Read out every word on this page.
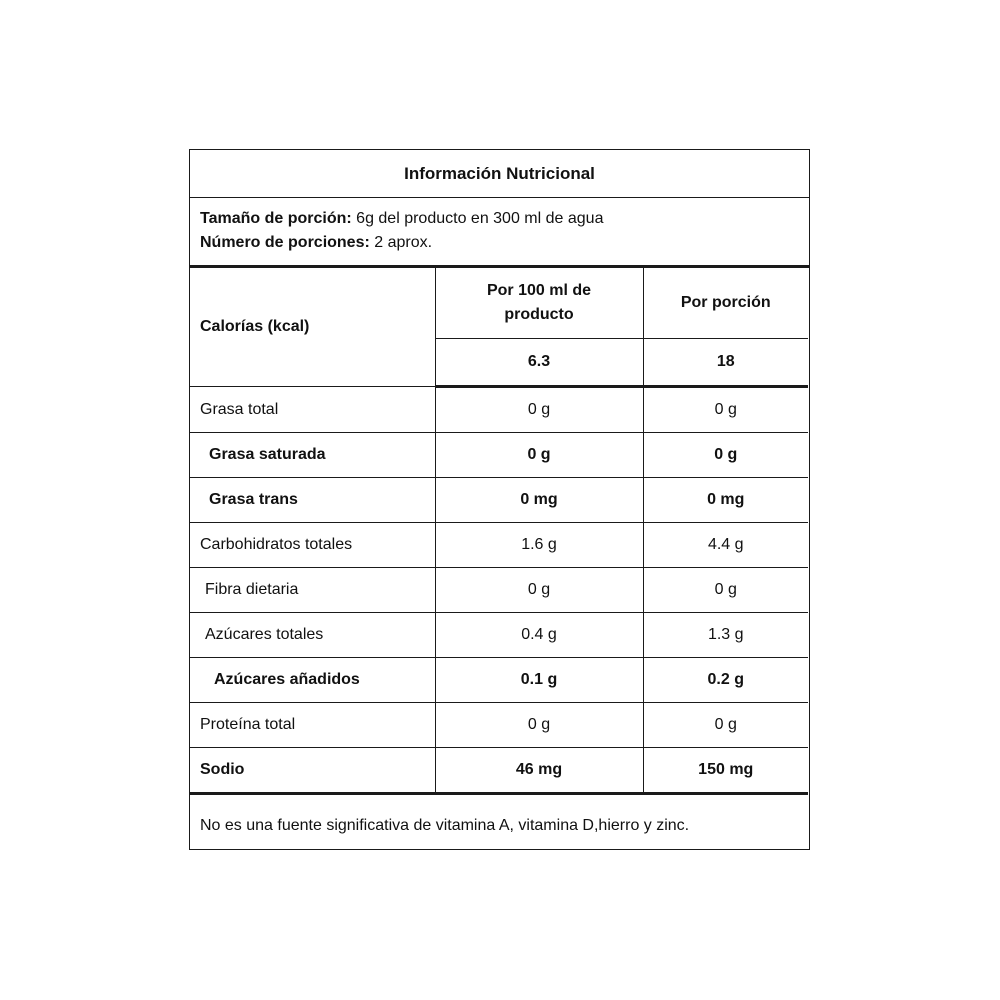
Información Nutricional
Tamaño de porción: 6g del producto en 300 ml de agua
Número de porciones: 2 aprox.
Calorías (kcal)	Por 100 ml de producto	Por porción
	6.3	18
Grasa total	0 g	0 g
Grasa saturada	0 g	0 g
Grasa trans	0 mg	0 mg
Carbohidratos totales	1.6 g	4.4 g
Fibra dietaria	0 g	0 g
Azúcares totales	0.4 g	1.3 g
Azúcares añadidos	0.1 g	0.2 g
Proteína total	0 g	0 g
Sodio	46 mg	150 mg
No es una fuente significativa de vitamina A, vitamina D,hierro y zinc.
